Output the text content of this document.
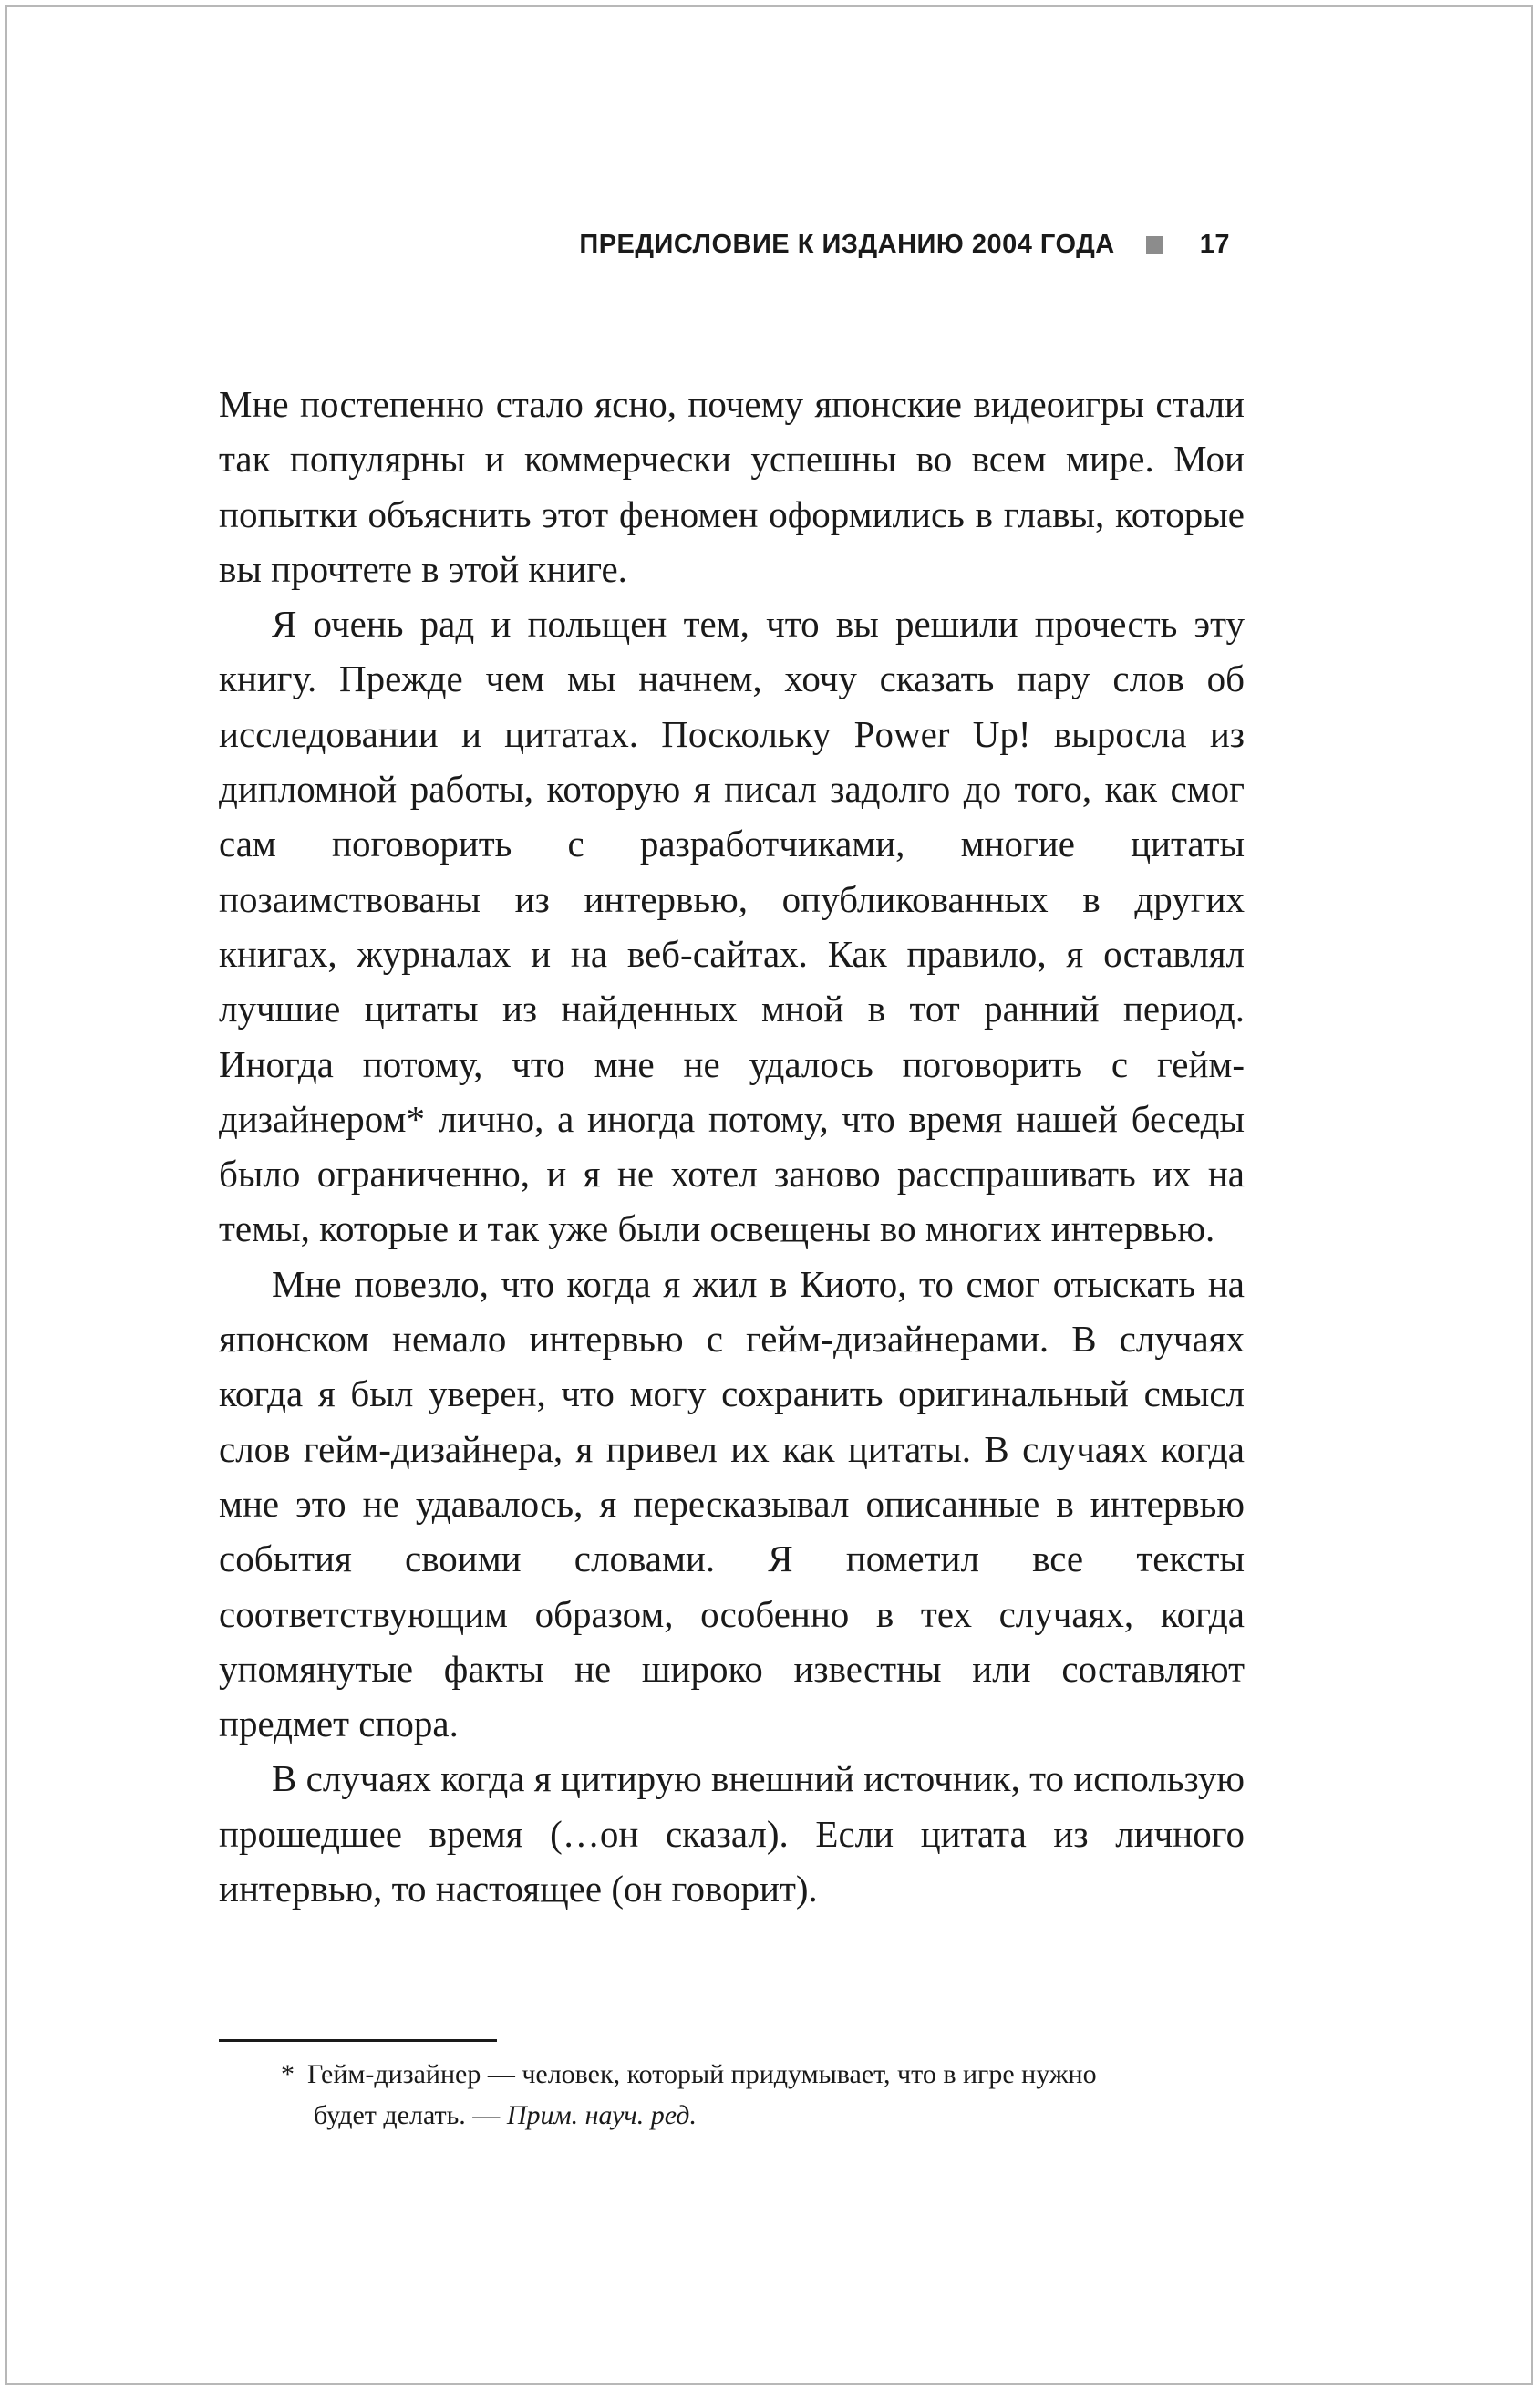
ПРЕДИСЛОВИЕ К ИЗДАНИЮ 2004 ГОДА	17

Мне постепенно стало ясно, почему японские видеоигры стали так популярны и коммерчески успешны во всем мире. Мои попытки объяснить этот феномен оформились в главы, которые вы прочтете в этой книге.

Я очень рад и польщен тем, что вы решили прочесть эту книгу. Прежде чем мы начнем, хочу сказать пару слов об исследовании и цитатах. Поскольку Power Up! выросла из дипломной работы, которую я писал задолго до того, как смог сам поговорить с разработчиками, многие цитаты позаимствованы из интервью, опубликованных в других книгах, журналах и на веб-сайтах. Как правило, я оставлял лучшие цитаты из найденных мной в тот ранний период. Иногда потому, что мне не удалось поговорить с гейм-дизайнером* лично, а иногда потому, что время нашей беседы было ограниченно, и я не хотел заново расспрашивать их на темы, которые и так уже были освещены во многих интервью.

Мне повезло, что когда я жил в Киото, то смог отыскать на японском немало интервью с гейм-дизайнерами. В случаях когда я был уверен, что могу сохранить оригинальный смысл слов гейм-дизайнера, я привел их как цитаты. В случаях когда мне это не удавалось, я пересказывал описанные в интервью события своими словами. Я пометил все тексты соответствующим образом, особенно в тех случаях, когда упомянутые факты не широко известны или составляют предмет спора.

В случаях когда я цитирую внешний источник, то использую прошедшее время (…он сказал). Если цитата из личного интервью, то настоящее (он говорит).

* Гейм-дизайнер — человек, который придумывает, что в игре нужно
будет делать. — Прим. науч. ред.
